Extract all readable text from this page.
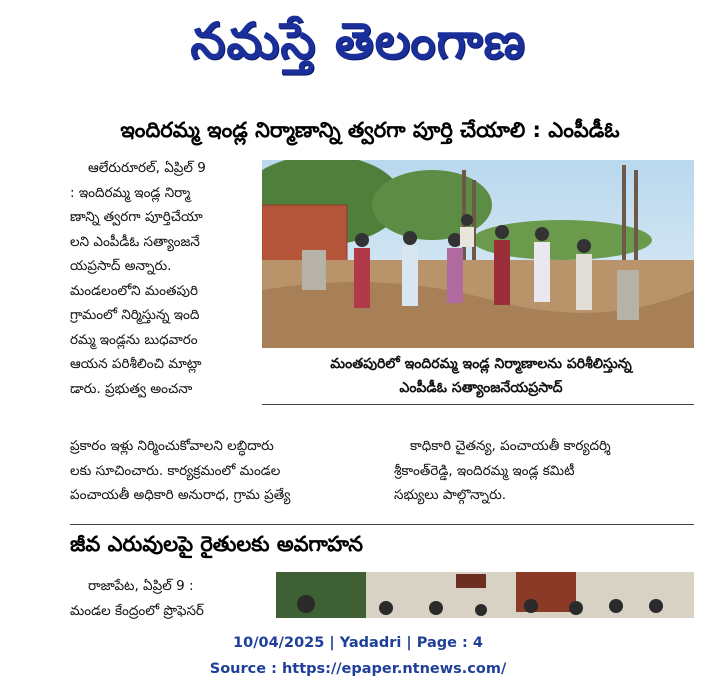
నమస్తే తెలంగాణ
ఇందిరమ్మ ఇండ్ల నిర్మాణాన్ని త్వరగా పూర్తి చేయాలి : ఎంపీడీఓ
ఆలేరురూరల్, ఏప్రిల్ 9
: ఇందిరమ్మ ఇండ్ల నిర్మా
ణాన్ని త్వరగా పూర్తిచేయా
లని ఎంపీడీఓ సత్యాంజనే
యప్రసాద్ అన్నారు.
మండలంలోని మంతపురి
గ్రామంలో నిర్మిస్తున్న ఇంది
రమ్మ ఇండ్లను బుధవారం
ఆయన పరిశీలించి మాట్లా
డారు. ప్రభుత్వ అంచనా
మంతపురిలో ఇందిరమ్మ ఇండ్ల నిర్మాణాలను పరిశీలిస్తున్న
ఎంపీడీఓ సత్యాంజనేయప్రసాద్
ప్రకారం ఇళ్లు నిర్మించుకోవాలని లబ్ధిదారు
లకు సూచించారు. కార్యక్రమంలో మండల
పంచాయతీ అధికారి అనురాధ, గ్రామ ప్రత్యే
కాధికారి చైతన్య, పంచాయతీ కార్యదర్శి
శ్రీకాంత్‌రెడ్డి, ఇందిరమ్మ ఇండ్ల కమిటీ
సభ్యులు పాల్గొన్నారు.
జీవ ఎరువులపై రైతులకు అవగాహన
రాజాపేట, ఏప్రిల్ 9 :
మండల కేంద్రంలో ప్రొఫెసర్
10/04/2025 | Yadadri | Page : 4
Source : https://epaper.ntnews.com/
